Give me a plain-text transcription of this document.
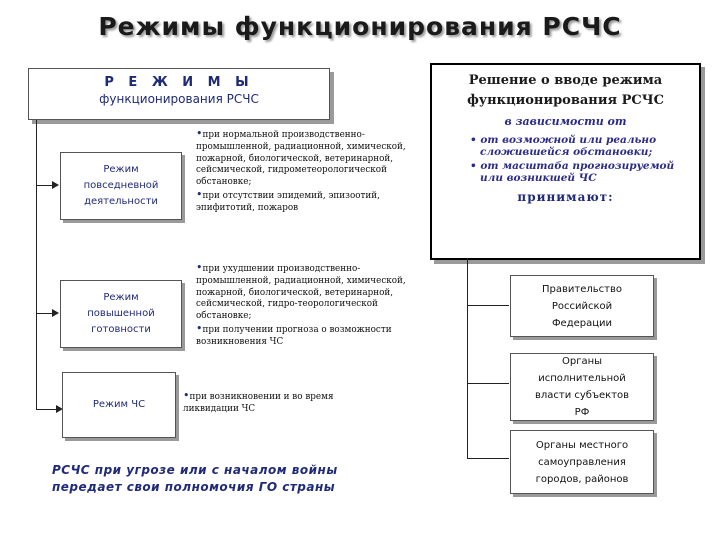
Режимы функционирования РСЧС
Р Е Ж И М Ы
функционирования РСЧС
Режим повседневной деятельности
Режим повышенной готовности
Режим ЧС
•при нормальной производственно-промышленной, радиационной, химической, пожарной, биологической, ветеринарной, сейсмической, гидрометеорологической обстановке;
•при отсутствии эпидемий, эпизоотий, эпифитотий, пожаров
•при ухудшении производственно-промышленной, радиационной, химической, пожарной, биологической, ветеринарной, сейсмической, гидро-теорологической обстановке;
•при получении прогноза о возможности возникновения ЧС
•при возникновении и во время ликвидации ЧС
РСЧС при угрозе или с началом войны
передает свои полномочия ГО страны
Решение о вводе режима функционирования РСЧС
в зависимости от
• от возможной или реально сложившейся обстановки;
• от масштаба прогнозируемой или возникшей ЧС
принимают:
Правительство Российской Федерации
Органы исполнительной власти субъектов РФ
Органы местного самоуправления городов, районов
